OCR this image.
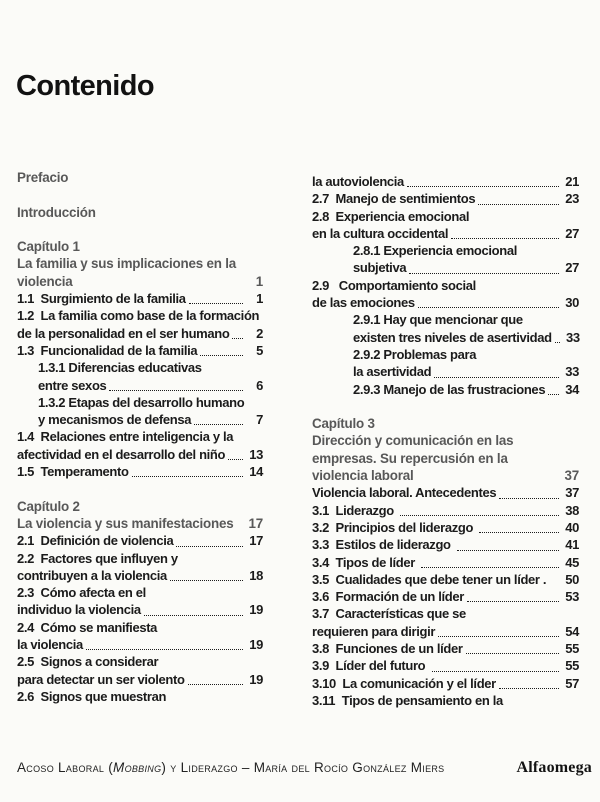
Contenido
Prefacio
Introducción
Capítulo 1
La familia y sus implicaciones en la
violencia	1
1.1  Surgimiento de la familia	1
1.2  La familia como base de la formación
de la personalidad en el ser humano	2
1.3  Funcionalidad de la familia	5
1.3.1 Diferencias educativas
entre sexos	6
1.3.2 Etapas del desarrollo humano
y mecanismos de defensa	7
1.4  Relaciones entre inteligencia y la
afectividad en el desarrollo del niño 13
1.5  Temperamento	14
Capítulo 2
La violencia y sus manifestaciones 17
2.1  Definición de violencia	17
2.2  Factores que influyen y
contribuyen a la violencia	18
2.3  Cómo afecta en el
individuo la violencia	19
2.4  Cómo se manifiesta
la violencia	19
2.5  Signos a considerar
para detectar un ser violento	19
2.6  Signos que muestran
la autoviolencia	21
2.7  Manejo de sentimientos	23
2.8  Experiencia emocional
en la cultura occidental	27
2.8.1 Experiencia emocional
subjetiva	27
2.9   Comportamiento social
de las emociones	30
2.9.1 Hay que mencionar que
existen tres niveles de asertividad 33
2.9.2 Problemas para
la asertividad	33
2.9.3 Manejo de las frustraciones 34
Capítulo 3
Dirección y comunicación en las
empresas. Su repercusión en la
violencia laboral	37
Violencia laboral. Antecedentes	37
3.1  Liderazgo	38
3.2  Principios del liderazgo	40
3.3  Estilos de liderazgo	41
3.4  Tipos de líder	45
3.5  Cualidades que debe tener un líder . 50
3.6  Formación de un líder	53
3.7  Características que se
requieren para dirigir	54
3.8  Funciones de un líder	55
3.9  Líder del futuro	55
3.10  La comunicación y el líder	57
3.11  Tipos de pensamiento en la
Acoso Laboral (Mobbing) y Liderazgo – María del Rocío González Miers	Alfaomega
